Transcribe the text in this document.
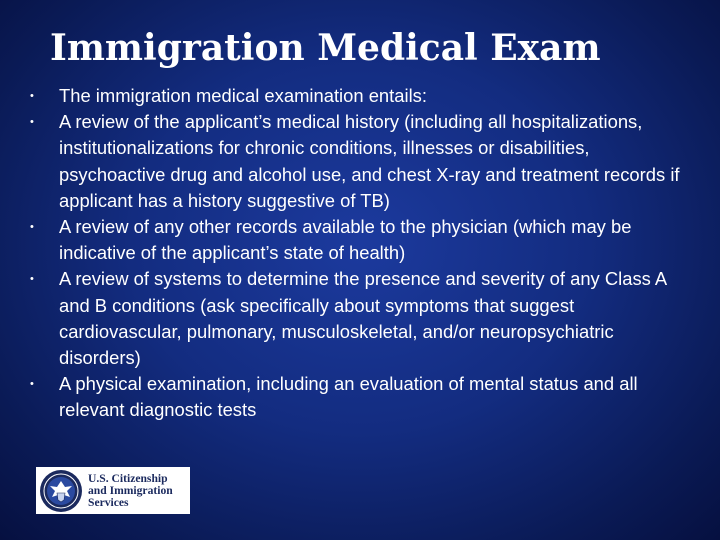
Immigration Medical Exam
• The immigration medical examination entails:
• A review of the applicant’s medical history (including all hospitalizations, institutionalizations for chronic conditions, illnesses or disabilities, psychoactive drug and alcohol use, and chest X-ray and treatment records if applicant has a history suggestive of TB)
• A review of any other records available to the physician (which may be indicative of the applicant’s state of health)
• A review of systems to determine the presence and severity of any Class A and B conditions (ask specifically about symptoms that suggest cardiovascular, pulmonary, musculoskeletal, and/or neuropsychiatric disorders)
• A physical examination, including an evaluation of mental status and all relevant diagnostic tests
U.S. Citizenship
and Immigration
Services
